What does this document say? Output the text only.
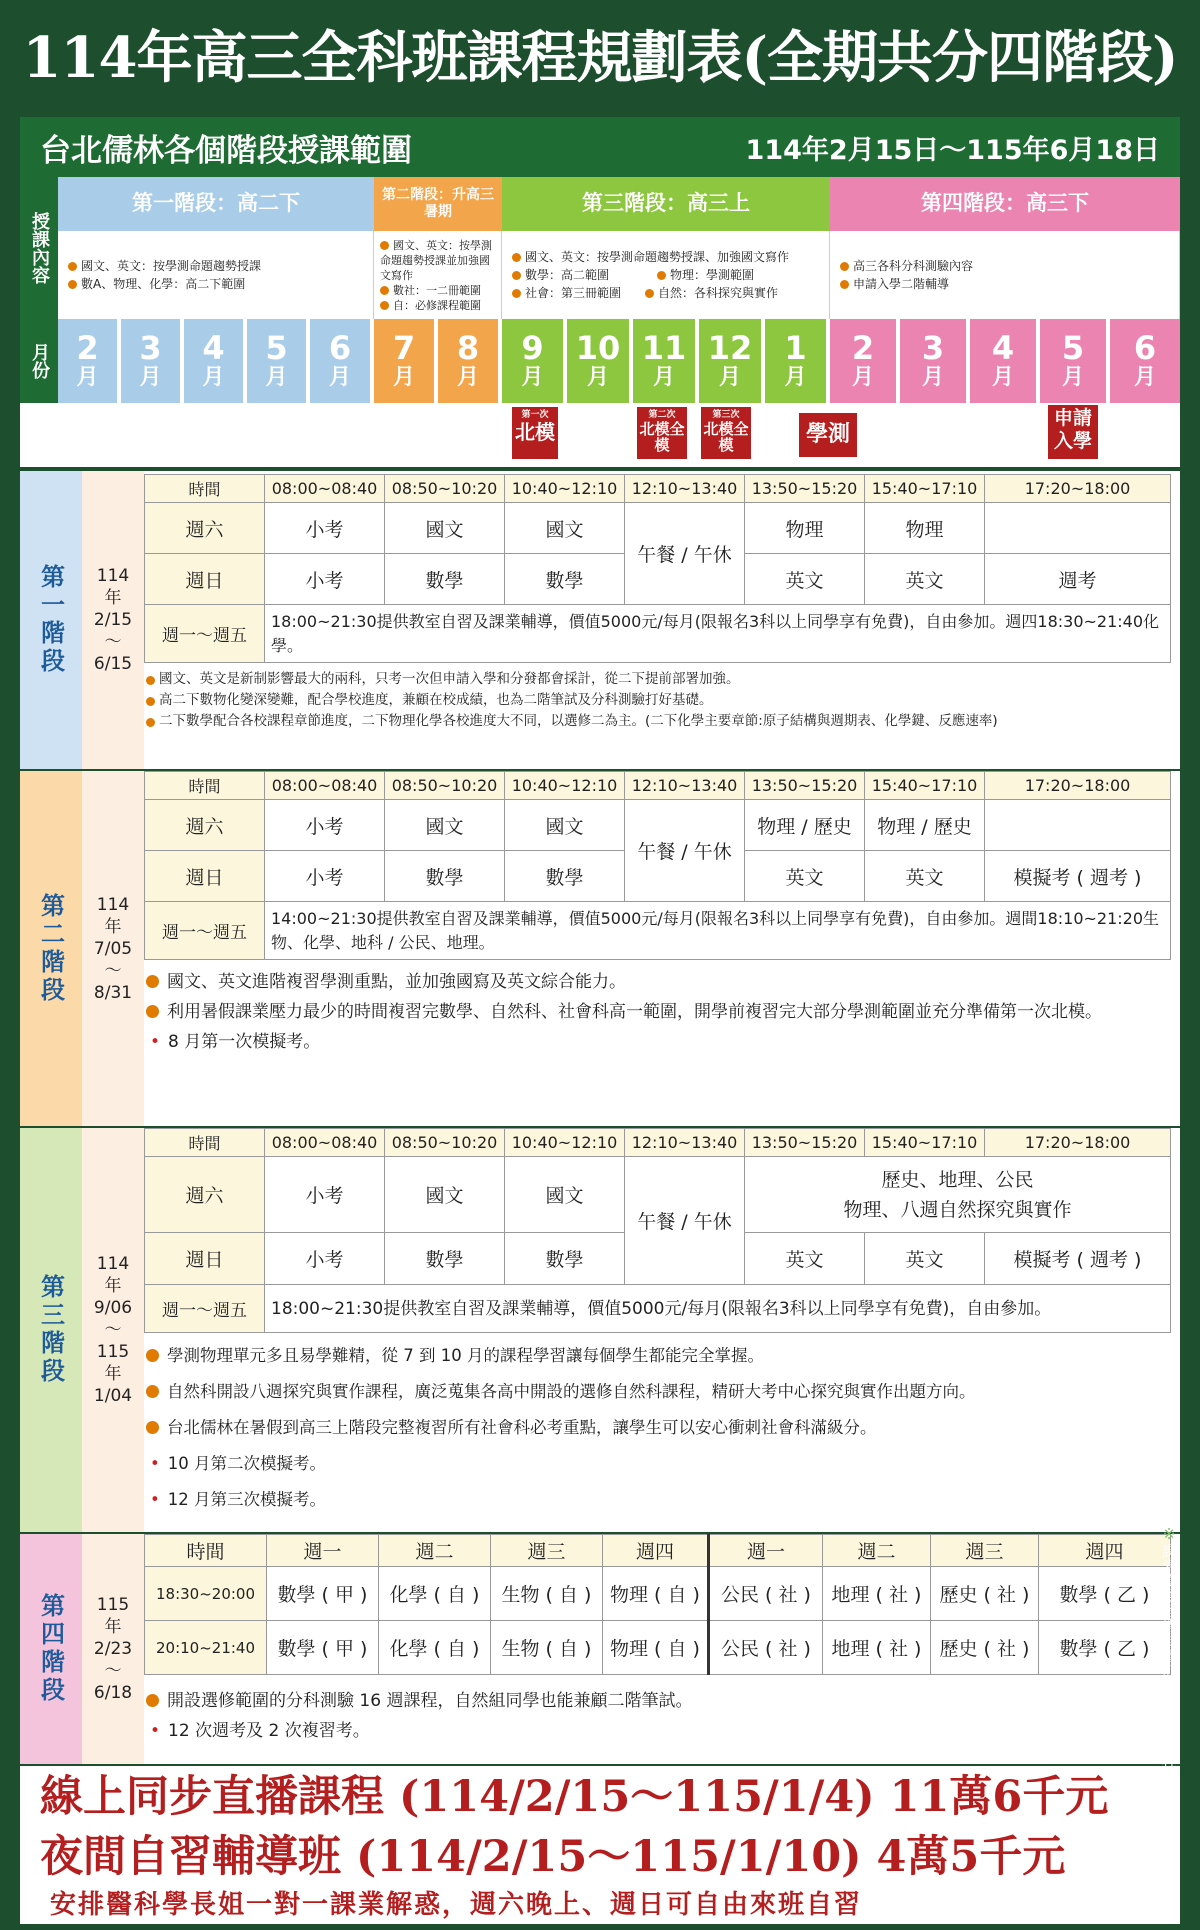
114年高三全科班課程規劃表(全期共分四階段)
台北儒林各個階段授課範圍	114年2月15日～115年6月18日
授課內容
月份
第一階段：高二下	第二階段：升高三暑期	第三階段：高三上	第四階段：高三下
國文、英文：按學測命題趨勢授課
數A、物理、化學：高二下範圍
國文、英文：按學測命題趨勢授課並加強國文寫作
數社：一二冊範圍
自：必修課程範圍
國文、英文：按學測命題趨勢授課、加強國文寫作
數學：高二範圍　　　　	物理：學測範圍
社會：第三冊範圍　　	自然：各科探究與實作
高三各科分科測驗內容
申請入學二階輔導
2
月
3
月
4
月
5
月
6
月
7
月
8
月
9
月
10
月
11
月
12
月
1
月
2
月
3
月
4
月
5
月
6
月
第一次
北模
第二次
北模全模
第三次
北模全模	學測
申請入學
第一階段	114
年
2/15
～
6/15
時間	08:00~08:40	08:50~10:20	10:40~12:10	12:10~13:40	13:50~15:20	15:40~17:10	17:20~18:00
週六	小考	國文	國文	午餐 / 午休	物理	物理	
週日	小考	數學	數學		英文	英文	週考
週一～週五	18:00~21:30提供教室自習及課業輔導，價值5000元/每月(限報名3科以上同學享有免費)，自由參加。週四18:30~21:40化學。						
國文、英文是新制影響最大的兩科，只考一次但申請入學和分發都會採計，從二下提前部署加強。
高二下數物化變深變難，配合學校進度，兼顧在校成績，也為二階筆試及分科測驗打好基礎。
二下數學配合各校課程章節進度，二下物理化學各校進度大不同，以選修二為主。(二下化學主要章節:原子結構與週期表、化學鍵、反應速率)
第二階段	114
年
7/05
～
8/31
時間	08:00~08:40	08:50~10:20	10:40~12:10	12:10~13:40	13:50~15:20	15:40~17:10	17:20~18:00
週六	小考	國文	國文	午餐 / 午休	物理 / 歷史	物理 / 歷史	
週日	小考	數學	數學		英文	英文	模擬考 ( 週考 )
週一～週五	14:00~21:30提供教室自習及課業輔導，價值5000元/每月(限報名3科以上同學享有免費)，自由參加。週間18:10~21:20生物、化學、地科 / 公民、地理。						
國文、英文進階複習學測重點，並加強國寫及英文綜合能力。
利用暑假課業壓力最少的時間複習完數學、自然科、社會科高一範圍，開學前複習完大部分學測範圍並充分準備第一次北模。
• 8 月第一次模擬考。
第三階段
114
年
9/06
～
115
年
1/04
時間	08:00~08:40	08:50~10:20	10:40~12:10	12:10~13:40	13:50~15:20	15:40~17:10	17:20~18:00
週六	小考	國文	國文	午餐 / 午休	歷史、地理、公民
物理、八週自然探究與實作		

週日	小考	數學	數學		英文	英文	模擬考 ( 週考 )
週一～週五	18:00~21:30提供教室自習及課業輔導，價值5000元/每月(限報名3科以上同學享有免費)，自由參加。						
學測物理單元多且易學難精，從 7 到 10 月的課程學習讓每個學生都能完全掌握。
自然科開設八週探究與實作課程，廣泛蒐集各高中開設的選修自然科課程，精研大考中心探究與實作出題方向。
台北儒林在暑假到高三上階段完整複習所有社會科必考重點，讓學生可以安心衝刺社會科滿級分。
• 10 月第二次模擬考。
• 12 月第三次模擬考。
第四階段	115
年
2/23
～
6/18
時間	週一	週二	週三	週四	週一	週二	週三	週四
18:30~20:00	數學 ( 甲 )	化學 ( 自 )	生物 ( 自 )	物理 ( 自 )	公民 ( 社 )	地理 ( 社 )	歷史 ( 社 )	數學 ( 乙 )
20:10~21:40	數學 ( 甲 )	化學 ( 自 )	生物 ( 自 )	物理 ( 自 )	公民 ( 社 )	地理 ( 社 )	歷史 ( 社 )	數學 ( 乙 )
開設選修範圍的分科測驗 16 週課程，自然組同學也能兼顧二階筆試。
• 12 次週考及 2 次複習考。
線上同步直播課程 (114/2/15～115/1/4) 11萬6千元
夜間自習輔導班 (114/2/15～115/1/10) 4萬5千元
安排醫科學長姐一對一課業解惑，週六晚上、週日可自由來班自習
※課表模擬考皆為暫訂，以實際時程為主
